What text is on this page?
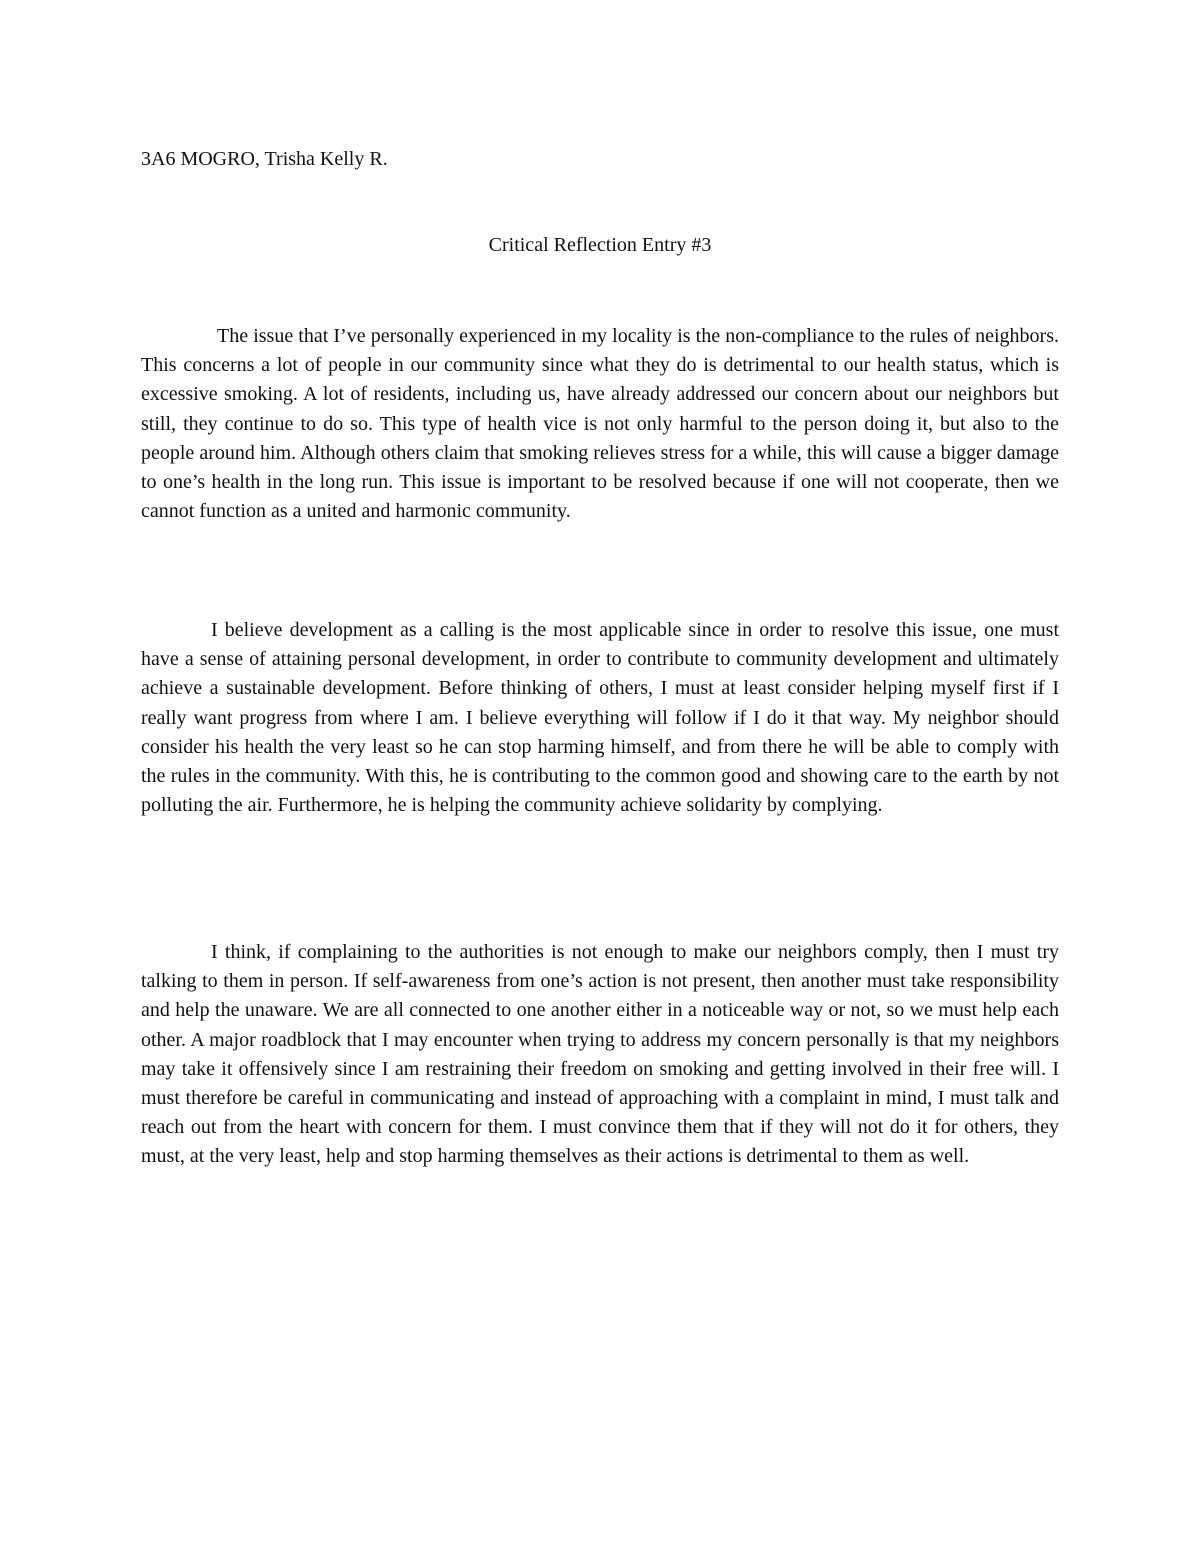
3A6 MOGRO, Trisha Kelly R.
Critical Reflection Entry #3

The issue that I’ve personally experienced in my locality is the non-compliance to the rules of neighbors. This concerns a lot of people in our community since what they do is detrimental to our health status, which is excessive smoking. A lot of residents, including us, have already addressed our concern about our neighbors but still, they continue to do so. This type of health vice is not only harmful to the person doing it, but also to the people around him. Although others claim that smoking relieves stress for a while, this will cause a bigger damage to one’s health in the long run. This issue is important to be resolved because if one will not cooperate, then we cannot function as a united and harmonic community.

I believe development as a calling is the most applicable since in order to resolve this issue, one must have a sense of attaining personal development, in order to contribute to community development and ultimately achieve a sustainable development. Before thinking of others, I must at least consider helping myself first if I really want progress from where I am. I believe everything will follow if I do it that way. My neighbor should consider his health the very least so he can stop harming himself, and from there he will be able to comply with the rules in the community. With this, he is contributing to the common good and showing care to the earth by not polluting the air. Furthermore, he is helping the community achieve solidarity by complying.

I think, if complaining to the authorities is not enough to make our neighbors comply, then I must try talking to them in person. If self-awareness from one’s action is not present, then another must take responsibility and help the unaware. We are all connected to one another either in a noticeable way or not, so we must help each other. A major roadblock that I may encounter when trying to address my concern personally is that my neighbors may take it offensively since I am restraining their freedom on smoking and getting involved in their free will. I must therefore be careful in communicating and instead of approaching with a complaint in mind, I must talk and reach out from the heart with concern for them. I must convince them that if they will not do it for others, they must, at the very least, help and stop harming themselves as their actions is detrimental to them as well.
